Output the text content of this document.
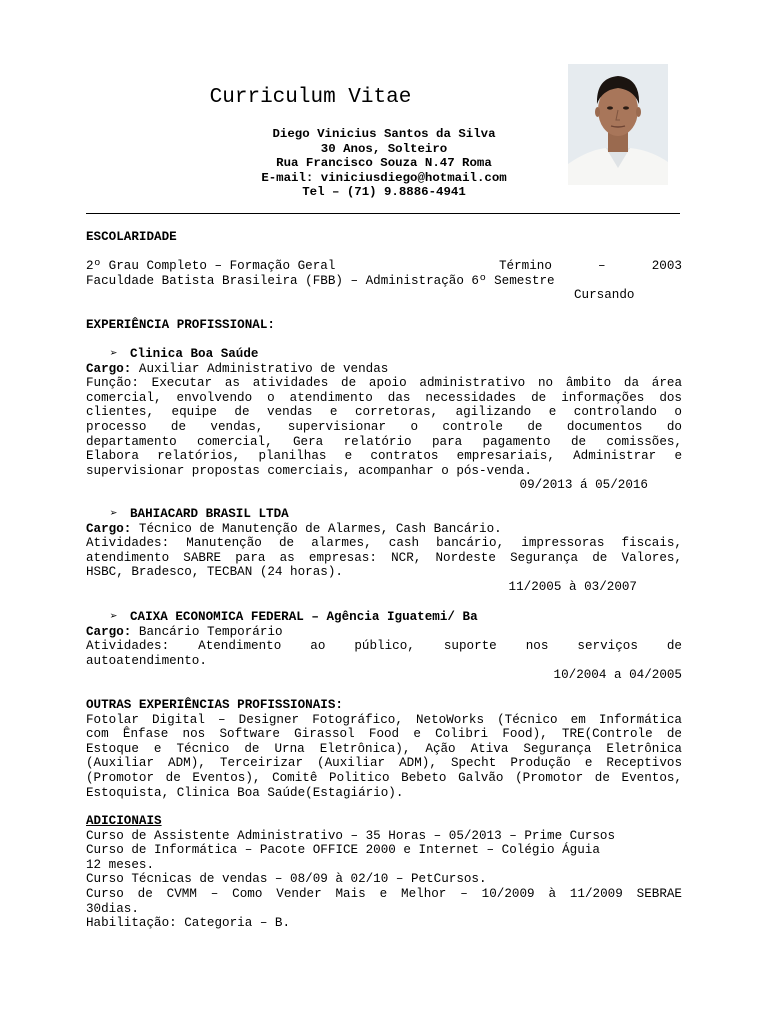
Curriculum Vitae
Diego Vinicius Santos da Silva
30 Anos, Solteiro
Rua Francisco Souza N.47 Roma
E-mail: viniciusdiego@hotmail.com
Tel – (71) 9.8886-4941
ESCOLARIDADE
2º Grau Completo – Formação Geral	Término	–	2003
Faculdade Batista Brasileira (FBB) – Administração 6º Semestre
Cursando
EXPERIÊNCIA PROFISSIONAL:
➢ Clinica Boa Saúde
Cargo: Auxiliar Administrativo de vendas
Função: Executar as atividades de apoio administrativo no âmbito da área
comercial, envolvendo o atendimento das necessidades de informações dos
clientes, equipe de vendas e corretoras, agilizando e controlando o
processo de vendas, supervisionar o controle de documentos do
departamento comercial, Gera relatório para pagamento de comissões,
Elabora relatórios, planilhas e contratos empresariais, Administrar e
supervisionar propostas comerciais, acompanhar o pós-venda.
09/2013 á 05/2016
➢ BAHIACARD BRASIL LTDA
Cargo: Técnico de Manutenção de Alarmes, Cash Bancário.
Atividades: Manutenção de alarmes, cash bancário, impressoras fiscais,
atendimento SABRE para as empresas: NCR, Nordeste Segurança de Valores,
HSBC, Bradesco, TECBAN (24 horas).
11/2005 à 03/2007
➢ CAIXA ECONOMICA FEDERAL – Agência Iguatemi/ Ba
Cargo: Bancário Temporário
Atividades: Atendimento ao público, suporte nos serviços de
autoatendimento.
10/2004 a 04/2005
OUTRAS EXPERIÊNCIAS PROFISSIONAIS:
Fotolar Digital – Designer Fotográfico, NetoWorks (Técnico em Informática
com Ênfase nos Software Girassol Food e Colibri Food), TRE(Controle de
Estoque e Técnico de Urna Eletrônica), Ação Ativa Segurança Eletrônica
(Auxiliar ADM), Terceirizar (Auxiliar ADM), Specht Produção e Receptivos
(Promotor de Eventos), Comitê Politico Bebeto Galvão (Promotor de Eventos,
Estoquista, Clinica Boa Saúde(Estagiário).
ADICIONAIS
Curso de Assistente Administrativo – 35 Horas – 05/2013 – Prime Cursos
Curso de Informática – Pacote OFFICE 2000 e Internet – Colégio Águia
12 meses.
Curso Técnicas de vendas – 08/09 à 02/10 – PetCursos.
Curso de CVMM – Como Vender Mais e Melhor – 10/2009 à 11/2009 SEBRAE
30dias.
Habilitação: Categoria – B.
